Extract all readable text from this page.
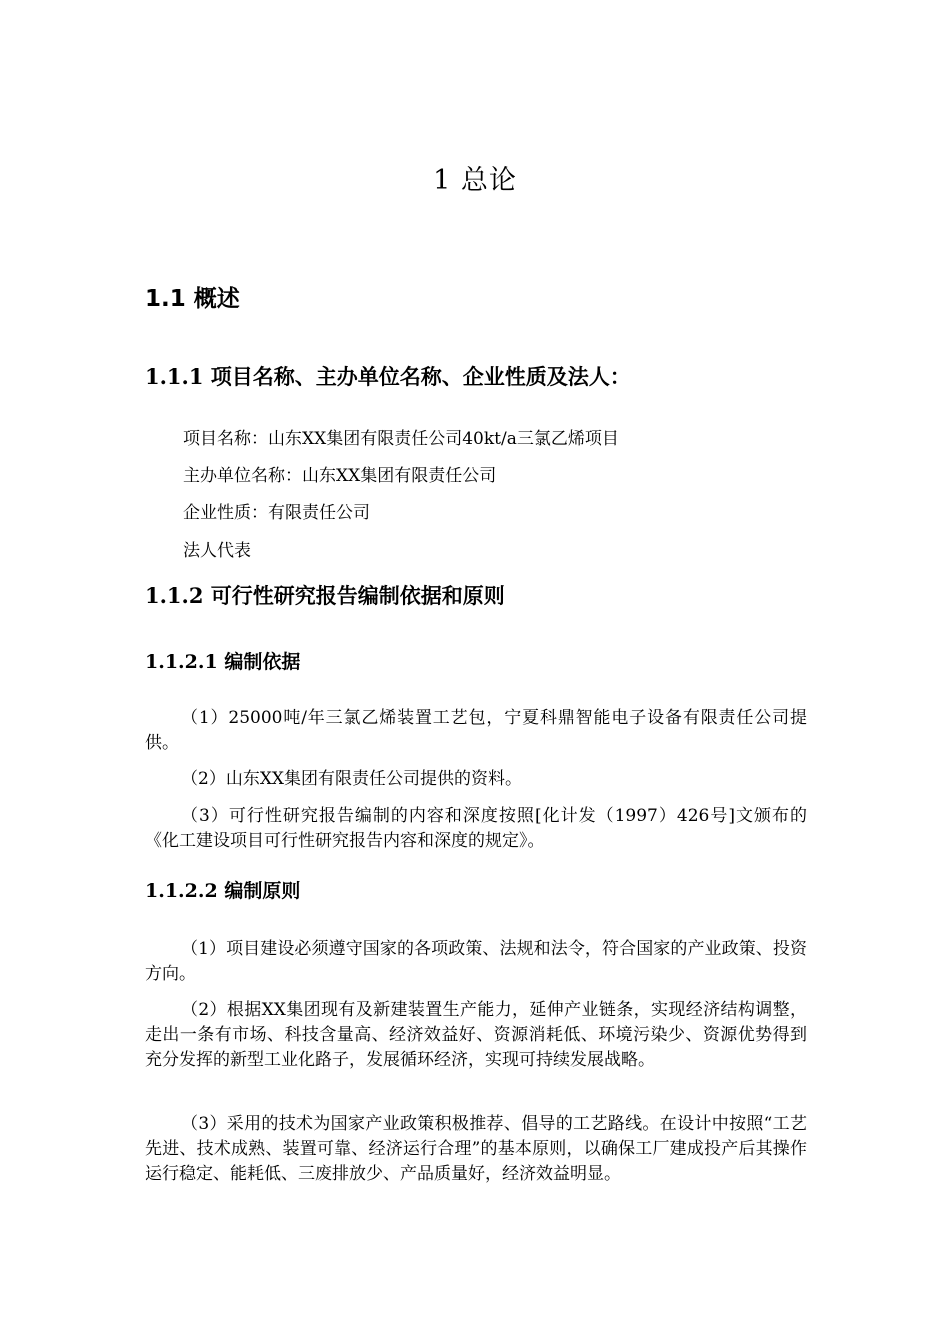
1 总论
1.1 概述
1.1.1 项目名称、主办单位名称、企业性质及法人：
项目名称：山东XX集团有限责任公司40kt/a三氯乙烯项目
主办单位名称：山东XX集团有限责任公司
企业性质：有限责任公司
法人代表
1.1.2 可行性研究报告编制依据和原则
1.1.2.1 编制依据

（1）25000吨/年三氯乙烯装置工艺包，宁夏科鼎智能电子设备有限责任公司提供。

（2）山东XX集团有限责任公司提供的资料。

（3）可行性研究报告编制的内容和深度按照[化计发（1997）426号]文颁布的《化工建设项目可行性研究报告内容和深度的规定》。

1.1.2.2 编制原则

（1）项目建设必须遵守国家的各项政策、法规和法令，符合国家的产业政策、投资方向。

（2）根据XX集团现有及新建装置生产能力，延伸产业链条，实现经济结构调整，走出一条有市场、科技含量高、经济效益好、资源消耗低、环境污染少、资源优势得到充分发挥的新型工业化路子，发展循环经济，实现可持续发展战略。

（3）采用的技术为国家产业政策积极推荐、倡导的工艺路线。在设计中按照“工艺先进、技术成熟、装置可靠、经济运行合理”的基本原则，以确保工厂建成投产后其操作运行稳定、能耗低、三废排放少、产品质量好，经济效益明显。
